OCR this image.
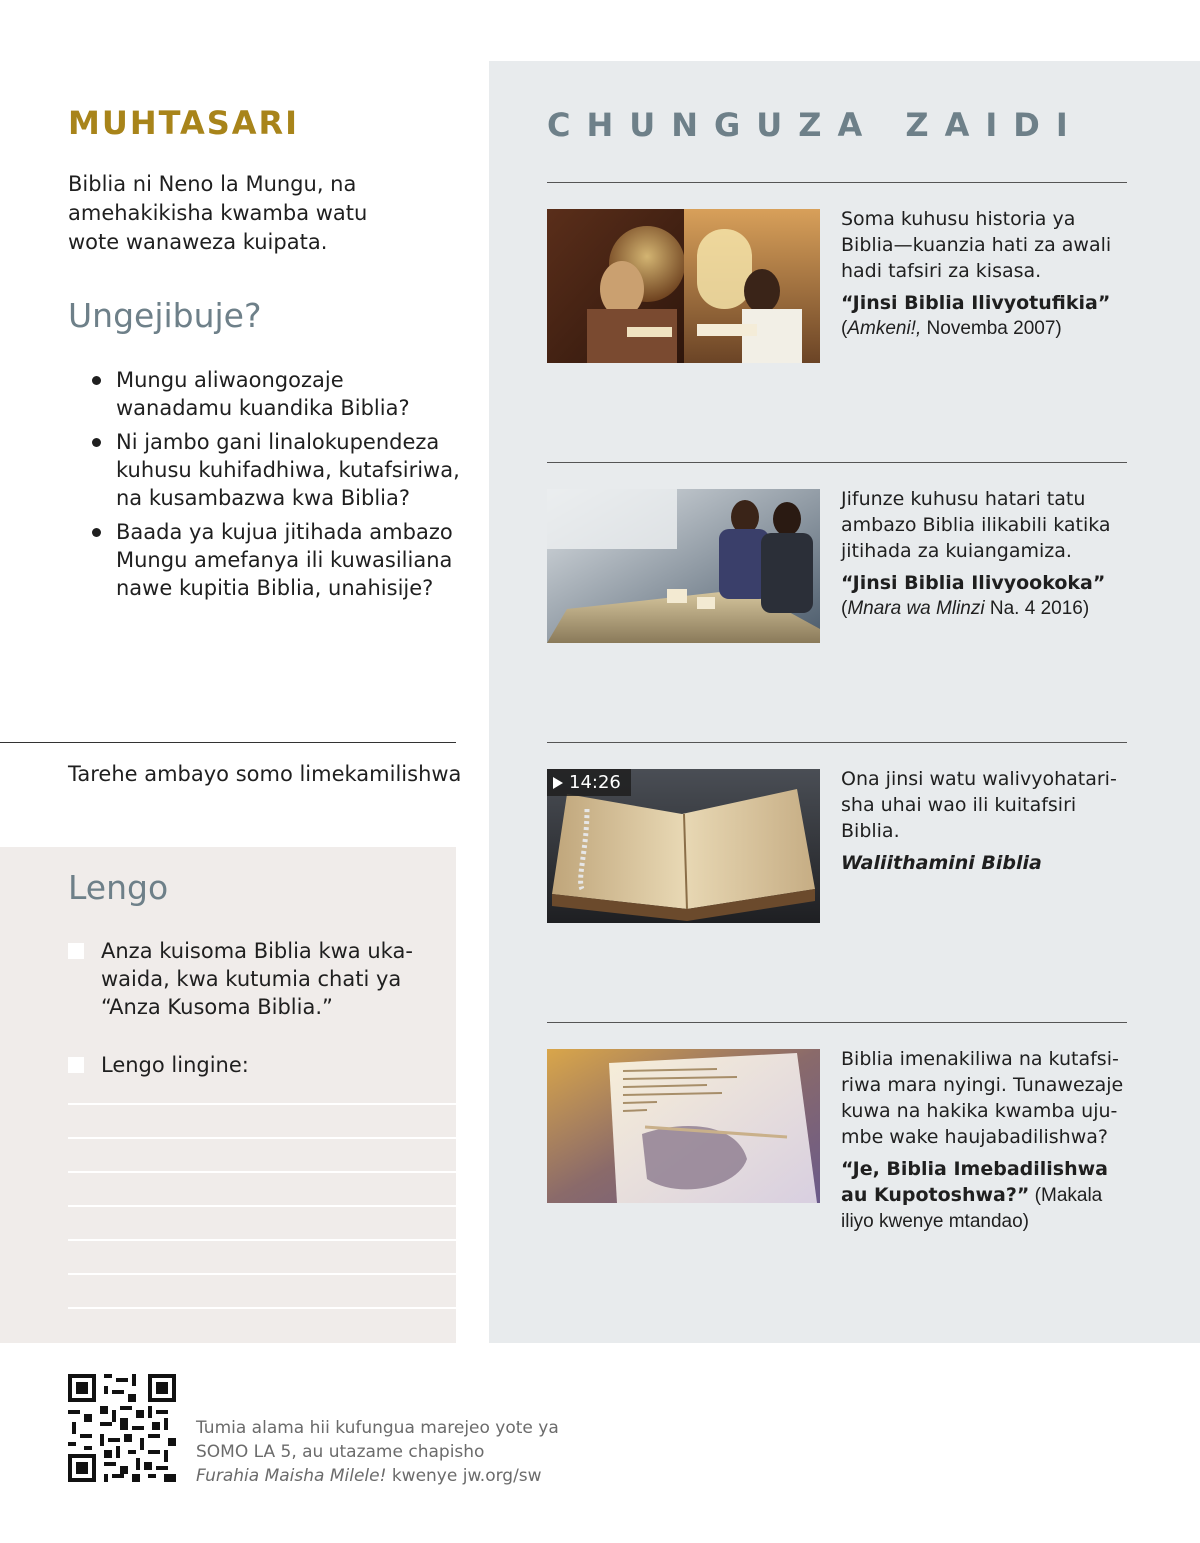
MUHTASARI

Biblia ni Neno la Mungu, na amehakikisha kwamba watu wote wanaweza kuipata.

Ungejibuje?
Mungu aliwaongozaje wanadamu kuandika Biblia?
Ni jambo gani linalokupendeza kuhusu kuhifadhiwa, kutafsiriwa, na kusambazwa kwa Biblia?
Baada ya kujua jitihada ambazo Mungu amefanya ili kuwasiliana nawe kupitia Biblia, unahisije?

Tarehe ambayo somo limekamilishwa

Lengo
Anza kuisoma Biblia kwa ukawaida, kwa kutumia chati ya “Anza Kusoma Biblia.”
Lengo lingine:
CHUNGUZA ZAIDI

Soma kuhusu historia ya Biblia—kuanzia hati za awali hadi tafsiri za kisasa.

“Jinsi Biblia Ilivyotufikia”
(Amkeni!, Novemba 2007)

Jifunze kuhusu hatari tatu ambazo Biblia ilikabili katika jitihada za kuiangamiza.

“Jinsi Biblia Ilivyookoka”
(Mnara wa Mlinzi Na. 4 2016)
14:26	Ona jinsi watu walivyohatarisha uhai wao ili kuitafsiri Biblia.

Waliithamini Biblia

Biblia imenakiliwa na kutafsiriwa mara nyingi. Tunawezaje kuwa na hakika kwamba ujumbe wake haujabadilishwa?

“Je, Biblia Imebadilishwa au Kupotoshwa?” (Makala iliyo kwenye mtandao)

Tumia alama hii kufungua marejeo yote ya SOMO LA 5, au utazame chapisho
Furahia Maisha Milele! kwenye jw.org/sw
